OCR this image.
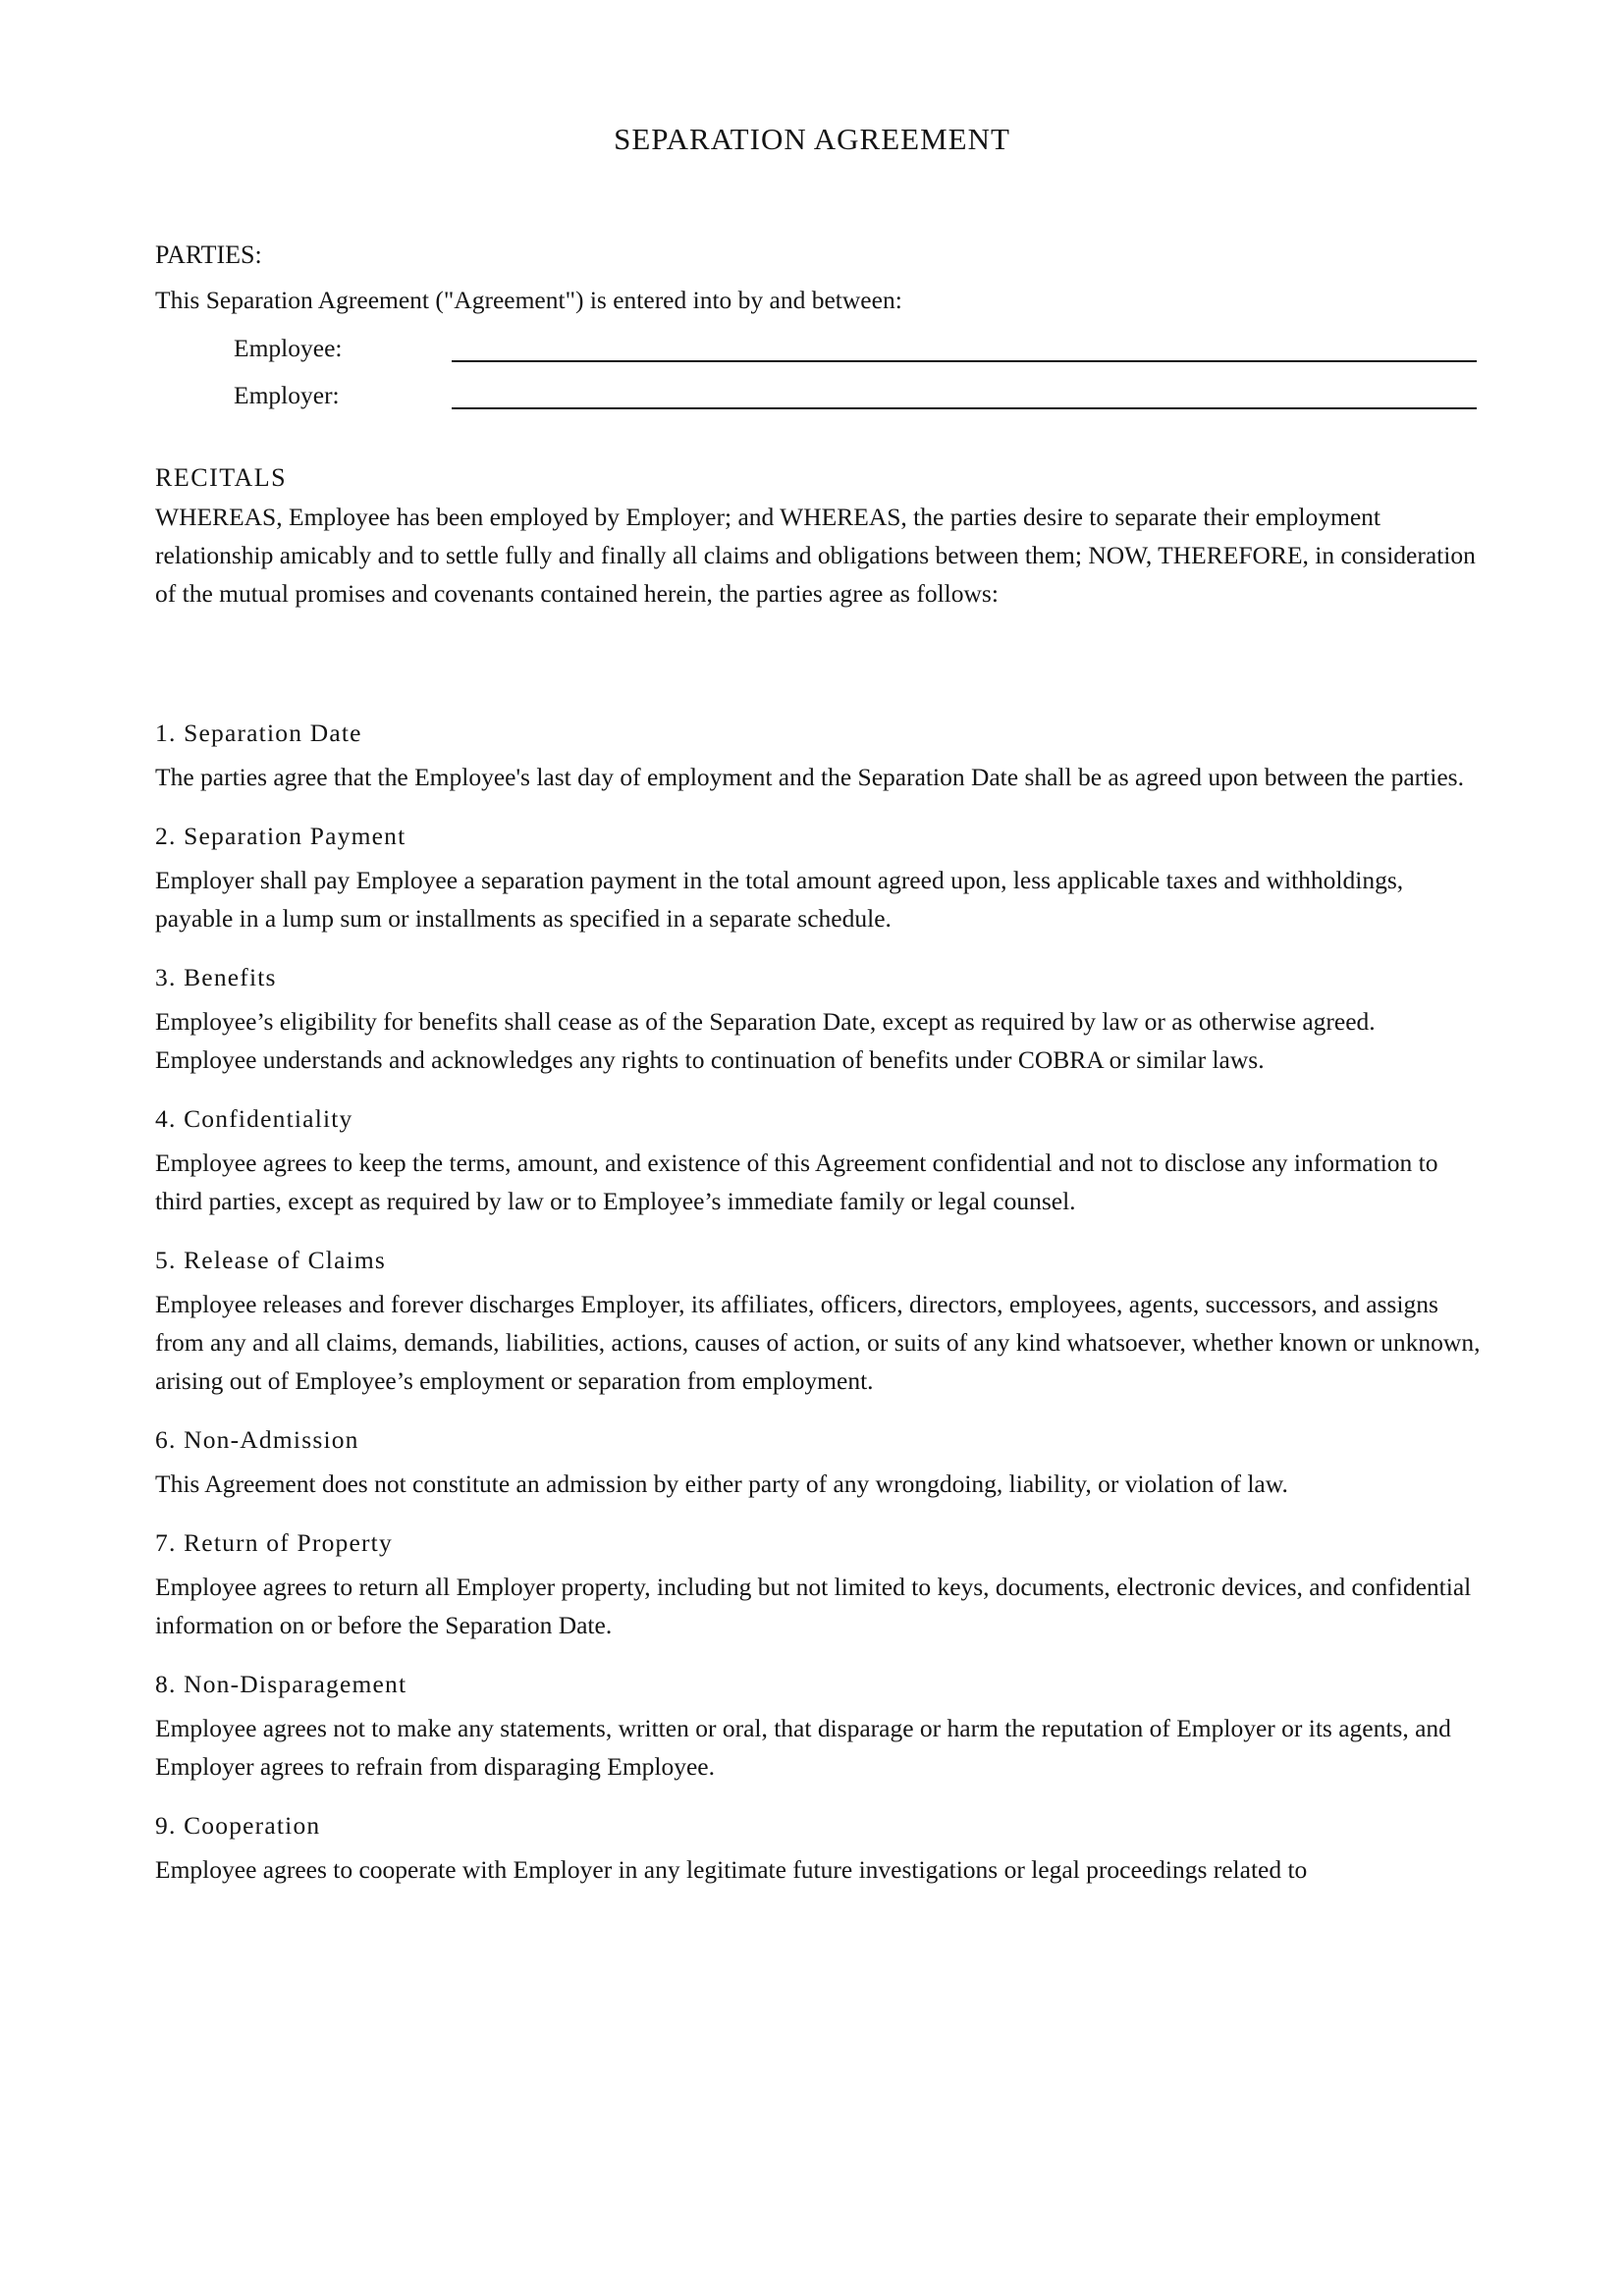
SEPARATION AGREEMENT

PARTIES:

This Separation Agreement ("Agreement") is entered into by and between:

Employee:
Employer:

RECITALS

WHEREAS, Employee has been employed by Employer; and WHEREAS, the parties desire to separate their employment relationship amicably and to settle fully and finally all claims and obligations between them; NOW, THEREFORE, in consideration of the mutual promises and covenants contained herein, the parties agree as follows:

1. Separation Date

The parties agree that the Employee's last day of employment and the Separation Date shall be as agreed upon between the parties.

2. Separation Payment

Employer shall pay Employee a separation payment in the total amount agreed upon, less applicable taxes and withholdings, payable in a lump sum or installments as specified in a separate schedule.

3. Benefits

Employee’s eligibility for benefits shall cease as of the Separation Date, except as required by law or as otherwise agreed. Employee understands and acknowledges any rights to continuation of benefits under COBRA or similar laws.

4. Confidentiality

Employee agrees to keep the terms, amount, and existence of this Agreement confidential and not to disclose any information to third parties, except as required by law or to Employee’s immediate family or legal counsel.

5. Release of Claims

Employee releases and forever discharges Employer, its affiliates, officers, directors, employees, agents, successors, and assigns from any and all claims, demands, liabilities, actions, causes of action, or suits of any kind whatsoever, whether known or unknown, arising out of Employee’s employment or separation from employment.

6. Non-Admission

This Agreement does not constitute an admission by either party of any wrongdoing, liability, or violation of law.

7. Return of Property

Employee agrees to return all Employer property, including but not limited to keys, documents, electronic devices, and confidential information on or before the Separation Date.

8. Non-Disparagement

Employee agrees not to make any statements, written or oral, that disparage or harm the reputation of Employer or its agents, and Employer agrees to refrain from disparaging Employee.

9. Cooperation

Employee agrees to cooperate with Employer in any legitimate future investigations or legal proceedings related to
